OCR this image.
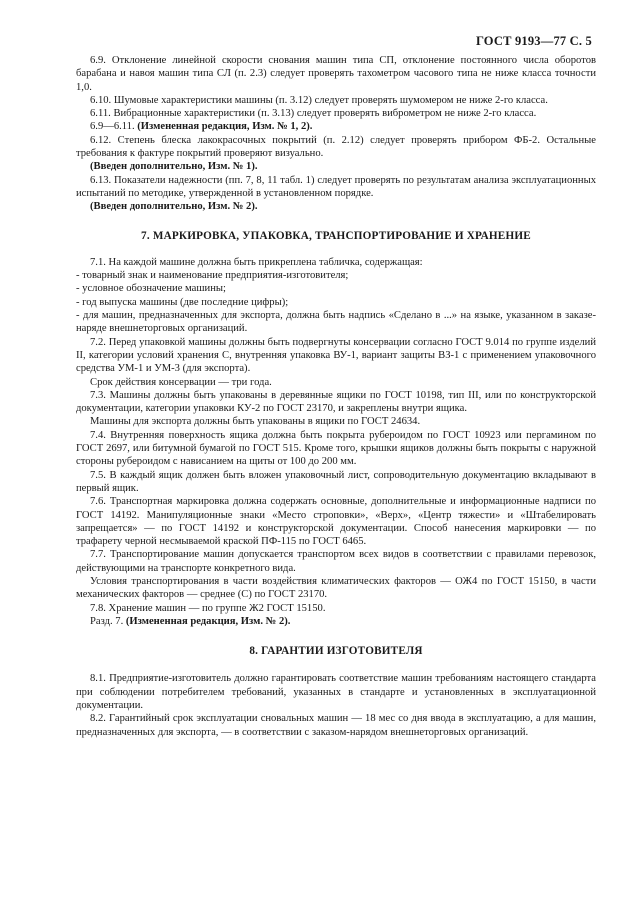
ГОСТ 9193—77 С. 5

6.9. Отклонение линейной скорости снования машин типа СП, отклонение постоянного числа оборотов барабана и навоя машин типа СЛ (п. 2.3) следует проверять тахометром часового типа не ниже класса точности 1,0.

6.10. Шумовые характеристики машины (п. 3.12) следует проверять шумомером не ниже 2-го класса.

6.11. Вибрационные характеристики (п. 3.13) следует проверять виброметром не ниже 2-го класса.

6.9—6.11. (Измененная редакция, Изм. № 1, 2).

6.12. Степень блеска лакокрасочных покрытий (п. 2.12) следует проверять прибором ФБ-2. Остальные требования к фактуре покрытий проверяют визуально.

(Введен дополнительно, Изм. № 1).

6.13. Показатели надежности (пп. 7, 8, 11 табл. 1) следует проверять по результатам анализа эксплуатационных испытаний по методике, утвержденной в установленном порядке.

(Введен дополнительно, Изм. № 2).

7. МАРКИРОВКА, УПАКОВКА, ТРАНСПОРТИРОВАНИЕ И ХРАНЕНИЕ

7.1. На каждой машине должна быть прикреплена табличка, содержащая:

- товарный знак и наименование предприятия-изготовителя;

- условное обозначение машины;

- год выпуска машины (две последние цифры);

- для машин, предназначенных для экспорта, должна быть надпись «Сделано в ...» на языке, указанном в заказе-наряде внешнеторговых организаций.

7.2. Перед упаковкой машины должны быть подвергнуты консервации согласно ГОСТ 9.014 по группе изделий II, категории условий хранения С, внутренняя упаковка ВУ-1, вариант защиты ВЗ-1 с применением упаковочного средства УМ-1 и УМ-3 (для экспорта).

Срок действия консервации — три года.

7.3. Машины должны быть упакованы в деревянные ящики по ГОСТ 10198, тип III, или по конструкторской документации, категории упаковки КУ-2 по ГОСТ 23170, и закреплены внутри ящика.

Машины для экспорта должны быть упакованы в ящики по ГОСТ 24634.

7.4. Внутренняя поверхность ящика должна быть покрыта рубероидом по ГОСТ 10923 или пергамином по ГОСТ 2697, или битумной бумагой по ГОСТ 515. Кроме того, крышки ящиков должны быть покрыты с наружной стороны рубероидом с нависанием на щиты от 100 до 200 мм.

7.5. В каждый ящик должен быть вложен упаковочный лист, сопроводительную документацию вкладывают в первый ящик.

7.6. Транспортная маркировка должна содержать основные, дополнительные и информационные надписи по ГОСТ 14192. Манипуляционные знаки «Место строповки», «Верх», «Центр тяжести» и «Штабелировать запрещается» — по ГОСТ 14192 и конструкторской документации. Способ нанесения маркировки — по трафарету черной несмываемой краской ПФ-115 по ГОСТ 6465.

7.7. Транспортирование машин допускается транспортом всех видов в соответствии с правилами перевозок, действующими на транспорте конкретного вида.

Условия транспортирования в части воздействия климатических факторов — ОЖ4 по ГОСТ 15150, в части механических факторов — среднее (С) по ГОСТ 23170.

7.8. Хранение машин — по группе Ж2 ГОСТ 15150.

Разд. 7. (Измененная редакция, Изм. № 2).

8. ГАРАНТИИ ИЗГОТОВИТЕЛЯ

8.1. Предприятие-изготовитель должно гарантировать соответствие машин требованиям настоящего стандарта при соблюдении потребителем требований, указанных в стандарте и установленных в эксплуатационной документации.

8.2. Гарантийный срок эксплуатации сновальных машин — 18 мес со дня ввода в эксплуатацию, а для машин, предназначенных для экспорта, — в соответствии с заказом-нарядом внешнеторговых организаций.
